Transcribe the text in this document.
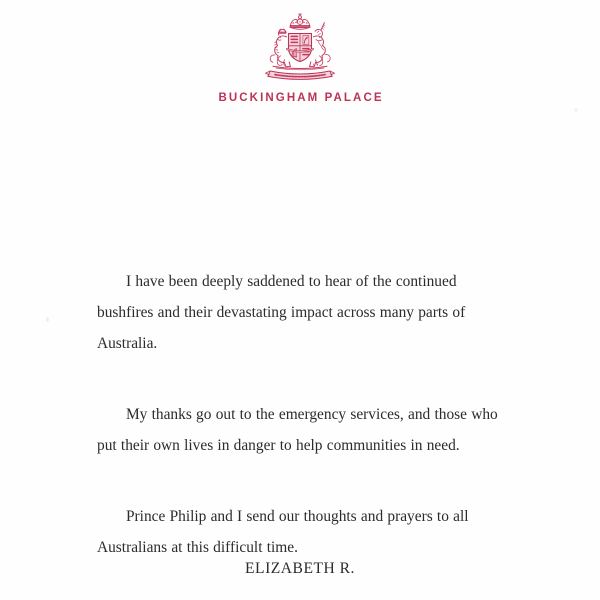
BUCKINGHAM PALACE

I have been deeply saddened to hear of the continued bushfires and their devastating impact across many parts of Australia.

My thanks go out to the emergency services, and those who put their own lives in danger to help communities in need.

Prince Philip and I send our thoughts and prayers to all Australians at this difficult time.

ELIZABETH R.
